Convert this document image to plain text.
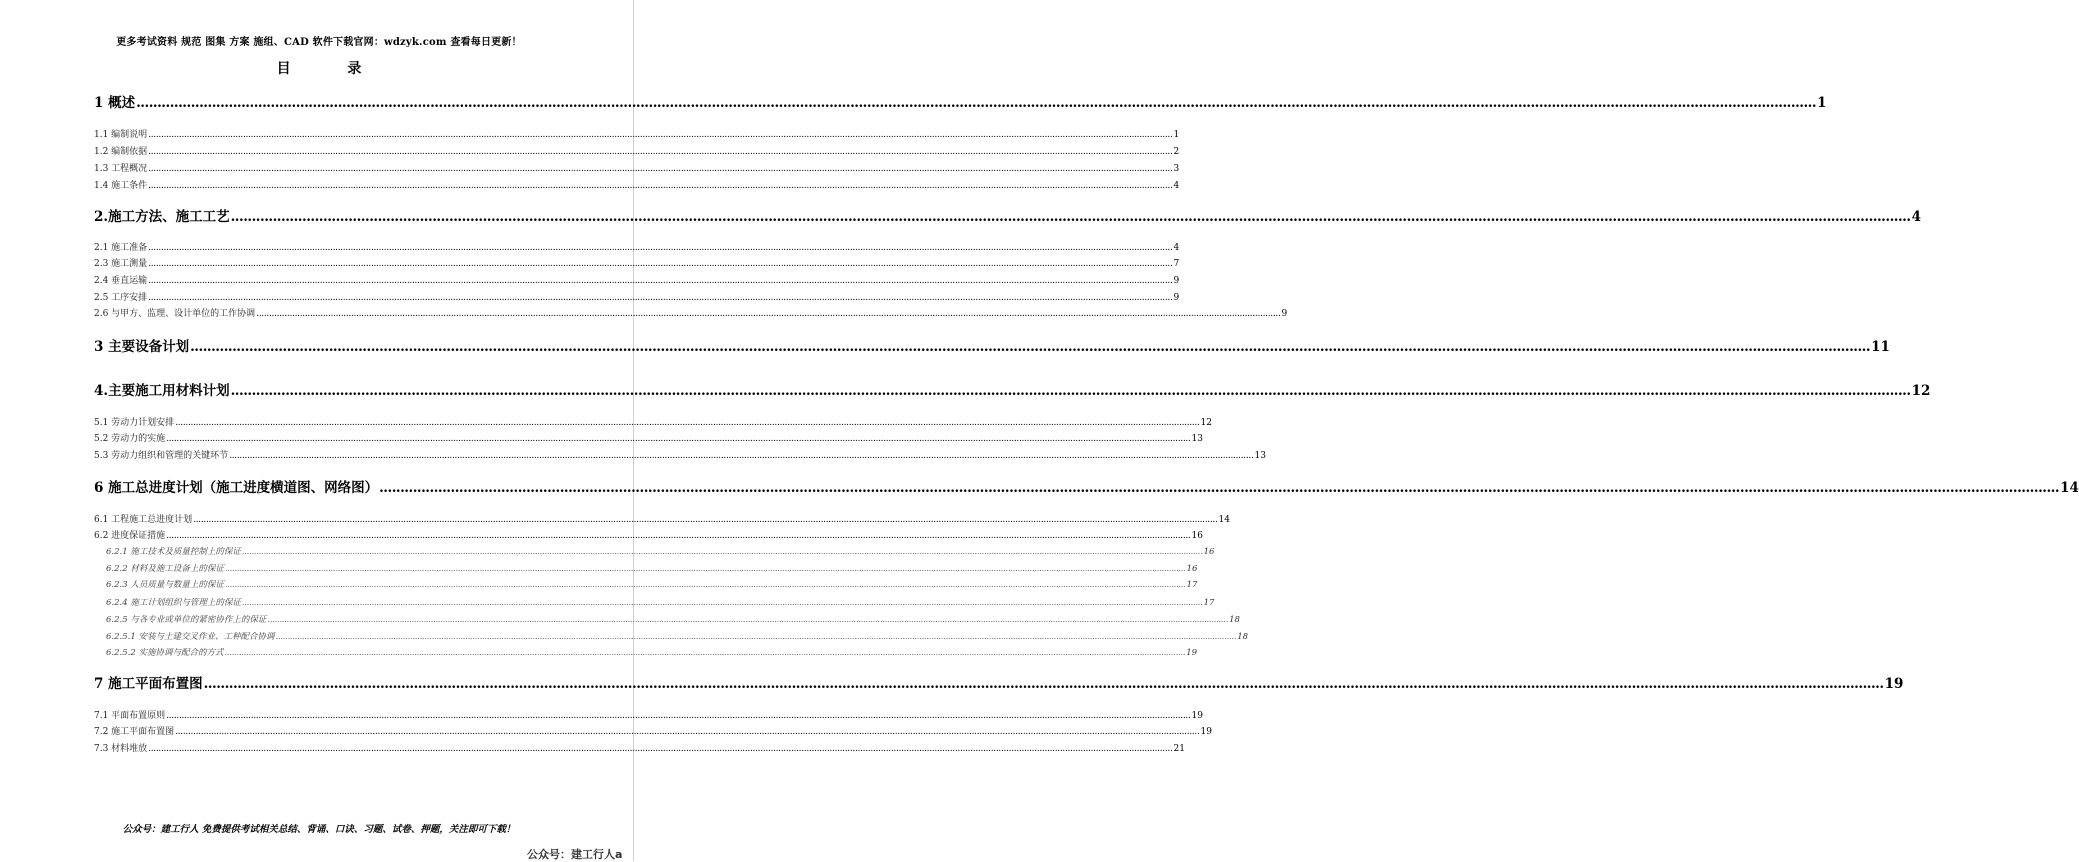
更多考试资料 规范 图集 方案 施组、CAD 软件下载官网：wdzyk.com 查看每日更新！
目 录
1 概述 ................................................................................................................................................................................................................................................................................................................................................................................................................ 1
1.1 编制说明 ................................................................................................................................................................................................................................................................................................................................................................................................................ 1
1.2 编制依据 ................................................................................................................................................................................................................................................................................................................................................................................................................ 2
1.3 工程概况 ................................................................................................................................................................................................................................................................................................................................................................................................................ 3
1.4 施工条件 ................................................................................................................................................................................................................................................................................................................................................................................................................ 4
2.施工方法、施工工艺 ................................................................................................................................................................................................................................................................................................................................................................................................................ 4
2.1 施工准备 ................................................................................................................................................................................................................................................................................................................................................................................................................ 4
2.3 施工测量 ................................................................................................................................................................................................................................................................................................................................................................................................................ 7
2.4 垂直运输 ................................................................................................................................................................................................................................................................................................................................................................................................................ 9
2.5 工序安排 ................................................................................................................................................................................................................................................................................................................................................................................................................ 9
2.6 与甲方、监理、设计单位的工作协调 ................................................................................................................................................................................................................................................................................................................................................................................................................ 9
3 主要设备计划 ................................................................................................................................................................................................................................................................................................................................................................................................................ 11
4.主要施工用材料计划 ................................................................................................................................................................................................................................................................................................................................................................................................................ 12
5.1 劳动力计划安排 ................................................................................................................................................................................................................................................................................................................................................................................................................ 12
5.2 劳动力的实施 ................................................................................................................................................................................................................................................................................................................................................................................................................ 13
5.3 劳动力组织和管理的关键环节 ................................................................................................................................................................................................................................................................................................................................................................................................................ 13
6 施工总进度计划（施工进度横道图、网络图） ................................................................................................................................................................................................................................................................................................................................................................................................................ 14
6.1 工程施工总进度计划 ................................................................................................................................................................................................................................................................................................................................................................................................................ 14
6.2 进度保证措施 ................................................................................................................................................................................................................................................................................................................................................................................................................ 16
6.2.1 施工技术及质量控制上的保证 ................................................................................................................................................................................................................................................................................................................................................................................................................ 16
6.2.2 材料及施工设备上的保证 ................................................................................................................................................................................................................................................................................................................................................................................................................ 16
6.2.3 人员质量与数量上的保证 ................................................................................................................................................................................................................................................................................................................................................................................................................ 17
6.2.4 施工计划组织与管理上的保证 ................................................................................................................................................................................................................................................................................................................................................................................................................ 17
6.2.5 与各专业或单位的紧密协作上的保证 ................................................................................................................................................................................................................................................................................................................................................................................................................ 18
6.2.5.1 安装与土建交叉作业、工种配合协调 ................................................................................................................................................................................................................................................................................................................................................................................................................ 18
6.2.5.2 实施协调与配合的方式 ................................................................................................................................................................................................................................................................................................................................................................................................................ 19
7 施工平面布置图 ................................................................................................................................................................................................................................................................................................................................................................................................................ 19
7.1 平面布置原则 ................................................................................................................................................................................................................................................................................................................................................................................................................ 19
7.2 施工平面布置图 ................................................................................................................................................................................................................................................................................................................................................................................................................ 19
7.3 材料堆放 ................................................................................................................................................................................................................................................................................................................................................................................................................ 21
公众号：建工行人 免费提供考试相关总结、背诵、口诀、习题、试卷、押题，关注即可下载！
公众号：建工行人a
